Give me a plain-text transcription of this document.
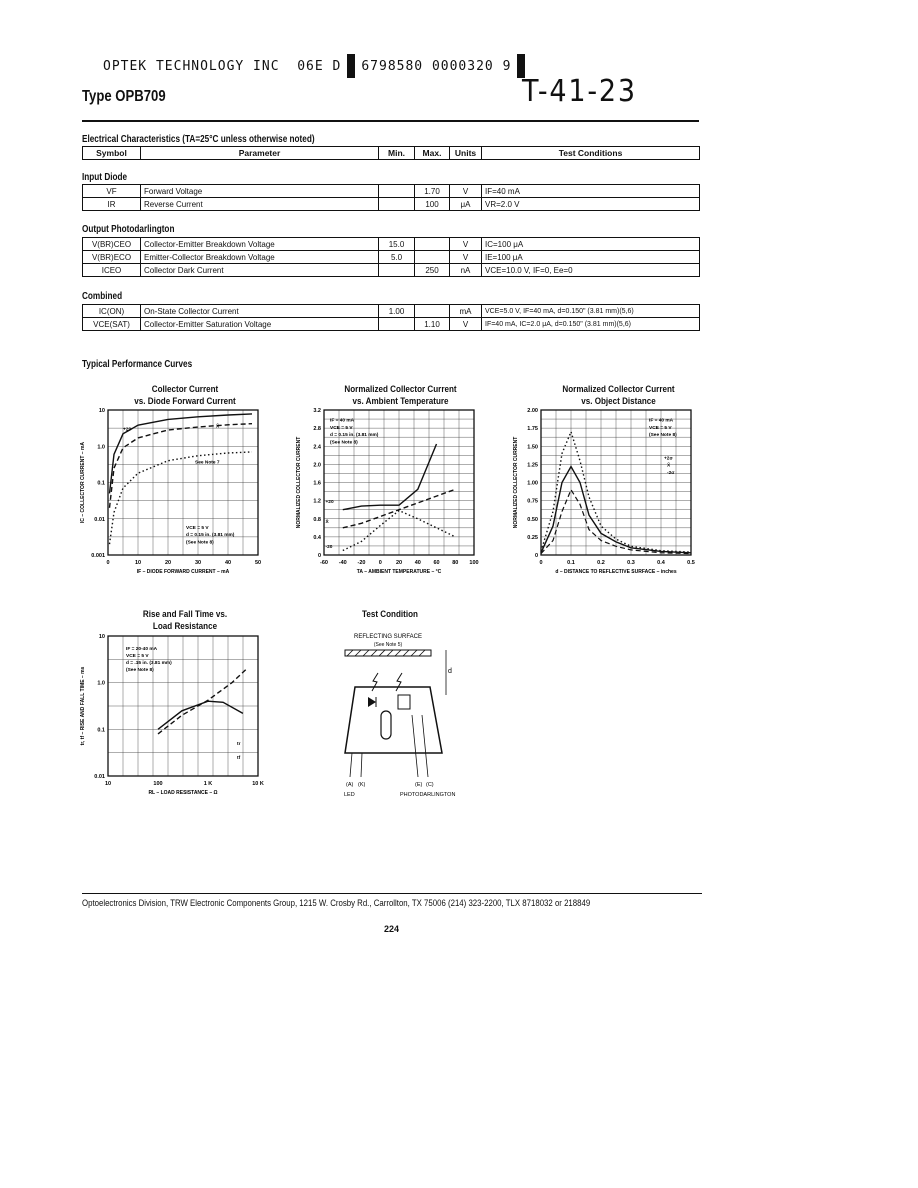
OPTEK TECHNOLOGY INC
06E D 6798580 0000320 9
Type OPB709	T-41-23
Electrical Characteristics (TA=25°C unless otherwise noted)
Symbol	Parameter	Min.	Max.	Units	Test Conditions
Input Diode
VF	Forward Voltage		1.70	V	IF=40 mA
IR	Reverse Current		100	μA	VR=2.0 V
Output Photodarlington
V(BR)CEO	Collector-Emitter Breakdown Voltage	15.0		V	IC=100 μA
V(BR)ECO	Emitter-Collector Breakdown Voltage	5.0		V	IE=100 μA
ICEO	Collector Dark Current		250	nA	VCE=10.0 V, IF=0, Ee=0
Combined
IC(ON)	On-State Collector Current	1.00		mA	VCE=5.0 V, IF=40 mA, d=0.150" (3.81 mm)(5,6)
VCE(SAT)	Collector-Emitter Saturation Voltage		1.10	V	IF=40 mA, IC=2.0 μA, d=0.150" (3.81 mm)(5,6)
Typical Performance Curves
Collector Current
vs. Diode Forward Current
Normalized Collector Current
vs. Ambient Temperature
Normalized Collector Current
vs. Object Distance
Rise and Fall Time vs.
Load Resistance
Test Condition
0	10	20	30	40	50
10
1.0
0.1
0.01
0.001
IF – DIODE FORWARD CURRENT – mA
IC – COLLECTOR CURRENT – mA
+20
X̄
See Note 7
VCE = 5 V
d = 0.15 in. (3.81 mm)
(See Note 8)
-60 -40 -20 0	20 40 60 80 100
3.2
2.8
2.4
2.0
1.6
1.2
0.8
0.4
0
TA – AMBIENT TEMPERATURE – °C
NORMALIZED COLLECTOR CURRENT
IF = 40 mA
VCE = 5 V
d = 0.15 in. (3.81 mm)
(See Note 8)
+20
X̄
-20
0	0.1	0.2	0.3	0.4	0.5
2.00
1.75
1.50
1.25
1.00
0.75
0.50
0.25
0
d – DISTANCE TO REFLECTIVE SURFACE – inches
NORMALIZED COLLECTOR CURRENT
IF = 40 mA
VCE = 5 V
(See Note 8)
+2σ
X̄
-2σ
10	100	1 K	10 K
10
1.0
0.1
0.01
RL – LOAD RESISTANCE – Ω
tr, tf – RISE AND FALL TIME – ms
IF = 20-40 mA
VCE = 5 V
d = .15 in. (3.81 mm)
(See Note 8)
tr
tf
REFLECTING SURFACE
(See Note 5)
d
(A) (K)	(E) (C)
LED	PHOTODARLINGTON
Optoelectronics Division, TRW Electronic Components Group, 1215 W. Crosby Rd., Carrollton, TX 75006 (214) 323-2200, TLX 8718032 or 218849
224
